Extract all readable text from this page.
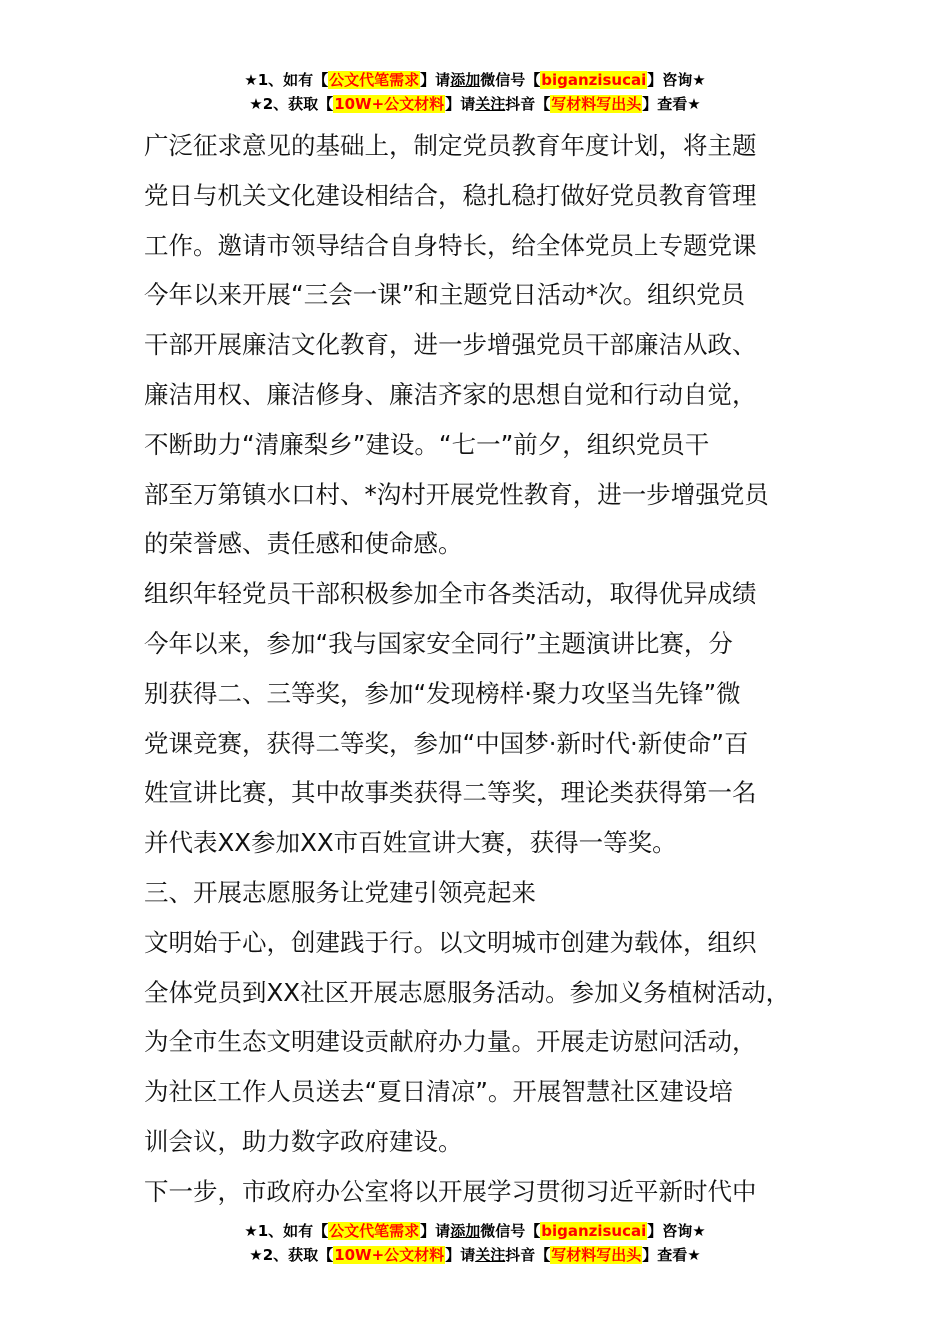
★1、如有【公文代笔需求】请添加微信号【biganzisucai】咨询★
★2、获取【10W+公文材料】请关注抖音【写材料写出头】查看★
广泛征求意见的基础上，制定党员教育年度计划，将主题
党日与机关文化建设相结合，稳扎稳打做好党员教育管理
工作。邀请市领导结合自身特长，给全体党员上专题党课
今年以来开展“三会一课”和主题党日活动*次。组织党员
干部开展廉洁文化教育，进一步增强党员干部廉洁从政、
廉洁用权、廉洁修身、廉洁齐家的思想自觉和行动自觉，
不断助力“清廉梨乡”建设。“七一”前夕，组织党员干
部至万第镇水口村、*沟村开展党性教育，进一步增强党员
的荣誉感、责任感和使命感。
组织年轻党员干部积极参加全市各类活动，取得优异成绩
今年以来，参加“我与国家安全同行”主题演讲比赛，分
别获得二、三等奖，参加“发现榜样·聚力攻坚当先锋”微
党课竞赛，获得二等奖，参加“中国梦·新时代·新使命”百
姓宣讲比赛，其中故事类获得二等奖，理论类获得第一名
并代表XX参加XX市百姓宣讲大赛，获得一等奖。
三、开展志愿服务让党建引领亮起来
文明始于心，创建践于行。以文明城市创建为载体，组织
全体党员到XX社区开展志愿服务活动。参加义务植树活动，
为全市生态文明建设贡献府办力量。开展走访慰问活动，
为社区工作人员送去“夏日清凉”。开展智慧社区建设培
训会议，助力数字政府建设。
下一步，市政府办公室将以开展学习贯彻习近平新时代中
★1、如有【公文代笔需求】请添加微信号【biganzisucai】咨询★
★2、获取【10W+公文材料】请关注抖音【写材料写出头】查看★
